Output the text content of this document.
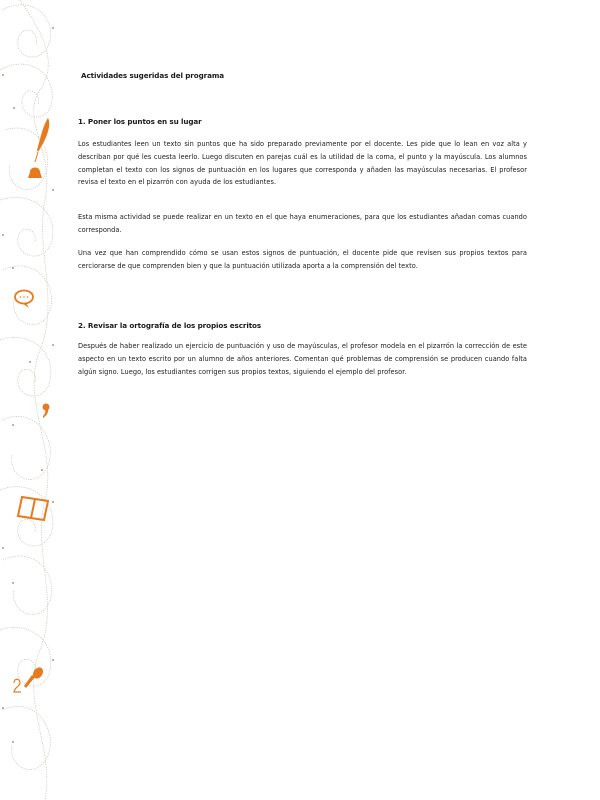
Actividades sugeridas del programa
1. Poner los puntos en su lugar
Los estudiantes leen un texto sin puntos que ha sido preparado previamente por el docente. Les pide que lo lean en voz alta y describan por qué les cuesta leerlo. Luego discuten en parejas cuál es la utilidad de la coma, el punto y la mayúscula. Los alumnos completan el texto con los signos de puntuación en los lugares que corresponda y añaden las mayúsculas necesarias. El profesor revisa el texto en el pizarrón con ayuda de los estudiantes.
Esta misma actividad se puede realizar en un texto en el que haya enumeraciones, para que los estudiantes añadan comas cuando corresponda.
Una vez que han comprendido cómo se usan estos signos de puntuación, el docente pide que revisen sus propios textos para cerciorarse de que comprenden bien y que la puntuación utilizada aporta a la comprensión del texto.
2. Revisar la ortografía de los propios escritos
Después de haber realizado un ejercicio de puntuación y uso de mayúsculas, el profesor modela en el pizarrón la corrección de este aspecto en un texto escrito por un alumno de años anteriores. Comentan qué problemas de comprensión se producen cuando falta algún signo. Luego, los estudiantes corrigen sus propios textos, siguiendo el ejemplo del profesor.
